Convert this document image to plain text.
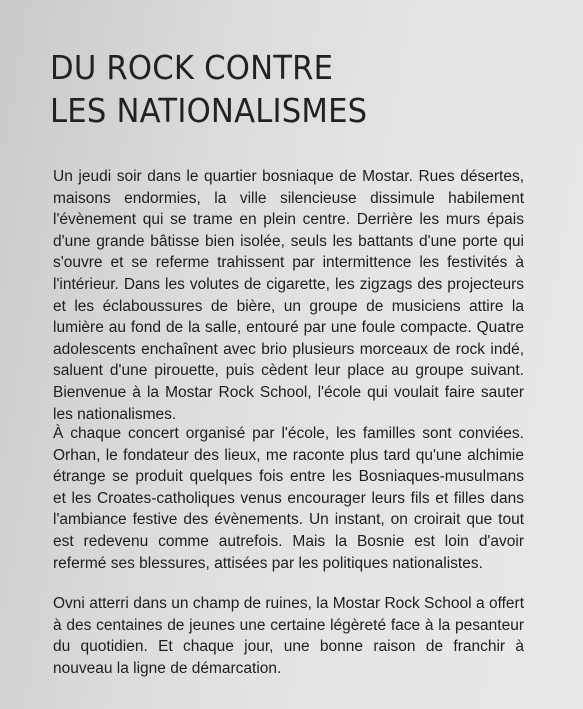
DU ROCK CONTRE
LES NATIONALISMES

Un jeudi soir dans le quartier bosniaque de Mostar. Rues désertes, maisons endormies, la ville silencieuse dissimule habilement l'évènement qui se trame en plein centre. Derrière les murs épais d'une grande bâtisse bien isolée, seuls les battants d'une porte qui s'ouvre et se referme trahissent par intermittence les festivités à l'intérieur. Dans les volutes de cigarette, les zigzags des projecteurs et les éclaboussures de bière, un groupe de musiciens attire la lumière au fond de la salle, entouré par une foule compacte. Quatre adolescents enchaînent avec brio plusieurs morceaux de rock indé, saluent d'une pirouette, puis cèdent leur place au groupe suivant. Bienvenue à la Mostar Rock School, l'école qui voulait faire sauter les nationalismes.

À chaque concert organisé par l'école, les familles sont conviées. Orhan, le fondateur des lieux, me raconte plus tard qu'une alchimie étrange se produit quelques fois entre les Bosniaques-musulmans et les Croates-catholiques venus encourager leurs fils et filles dans l'ambiance festive des évènements. Un instant, on croirait que tout est redevenu comme autrefois. Mais la Bosnie est loin d'avoir refermé ses blessures, attisées par les politiques nationalistes.

Ovni atterri dans un champ de ruines, la Mostar Rock School a offert à des centaines de jeunes une certaine légèreté face à la pesanteur du quotidien. Et chaque jour, une bonne raison de franchir à nouveau la ligne de démarcation.
